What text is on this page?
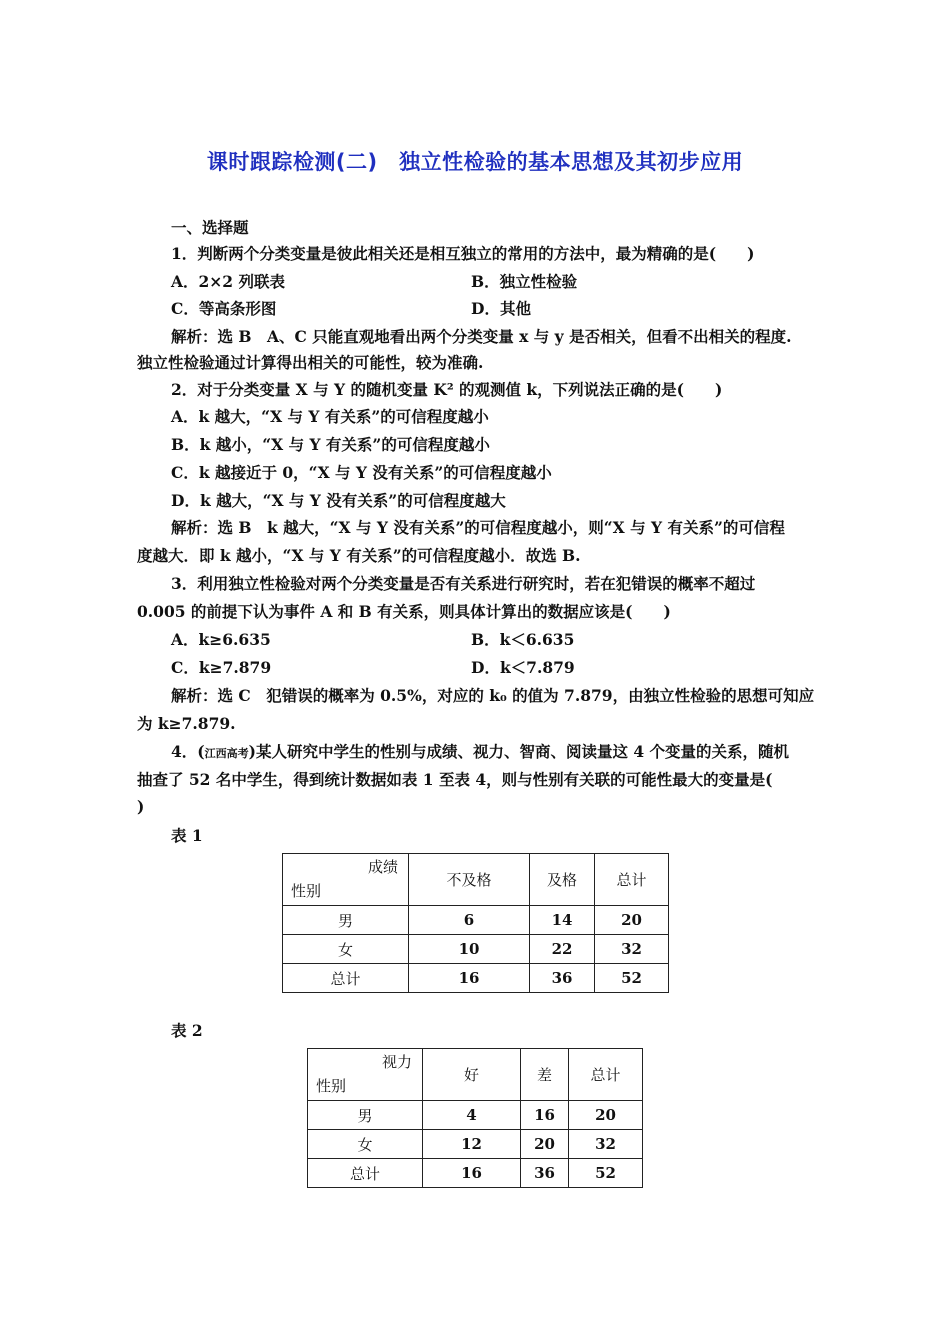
课时跟踪检测(二)　独立性检验的基本思想及其初步应用
一、选择题
1．判断两个分类变量是彼此相关还是相互独立的常用的方法中，最为精确的是(　　)
A．2×2 列联表	B．独立性检验
C．等高条形图	D．其他
解析：选 B　A、C 只能直观地看出两个分类变量 x 与 y 是否相关，但看不出相关的程度.
独立性检验通过计算得出相关的可能性，较为准确.
2．对于分类变量 X 与 Y 的随机变量 K² 的观测值 k，下列说法正确的是(　　)
A．k 越大，“X 与 Y 有关系”的可信程度越小
B．k 越小，“X 与 Y 有关系”的可信程度越小
C．k 越接近于 0，“X 与 Y 没有关系”的可信程度越小
D．k 越大，“X 与 Y 没有关系”的可信程度越大
解析：选 B　k 越大，“X 与 Y 没有关系”的可信程度越小，则“X 与 Y 有关系”的可信程
度越大．即 k 越小，“X 与 Y 有关系”的可信程度越小．故选 B.
3．利用独立性检验对两个分类变量是否有关系进行研究时，若在犯错误的概率不超过
0.005 的前提下认为事件 A 和 B 有关系，则具体计算出的数据应该是(　　)
A．k≥6.635	B．k＜6.635
C．k≥7.879	D．k＜7.879
解析：选 C　犯错误的概率为 0.5%，对应的 k₀ 的值为 7.879，由独立性检验的思想可知应
为 k≥7.879.
4．(江西高考)某人研究中学生的性别与成绩、视力、智商、阅读量这 4 个变量的关系，随机
抽查了 52 名中学生，得到统计数据如表 1 至表 4，则与性别有关联的可能性最大的变量是(
)
表 1
成绩
性别	不及格	及格	总计
男	6	14	20
女	10	22	32
总计	16	36	52
表 2
视力
性别	好	差	总计
男	4	16	20
女	12	20	32
总计	16	36	52
